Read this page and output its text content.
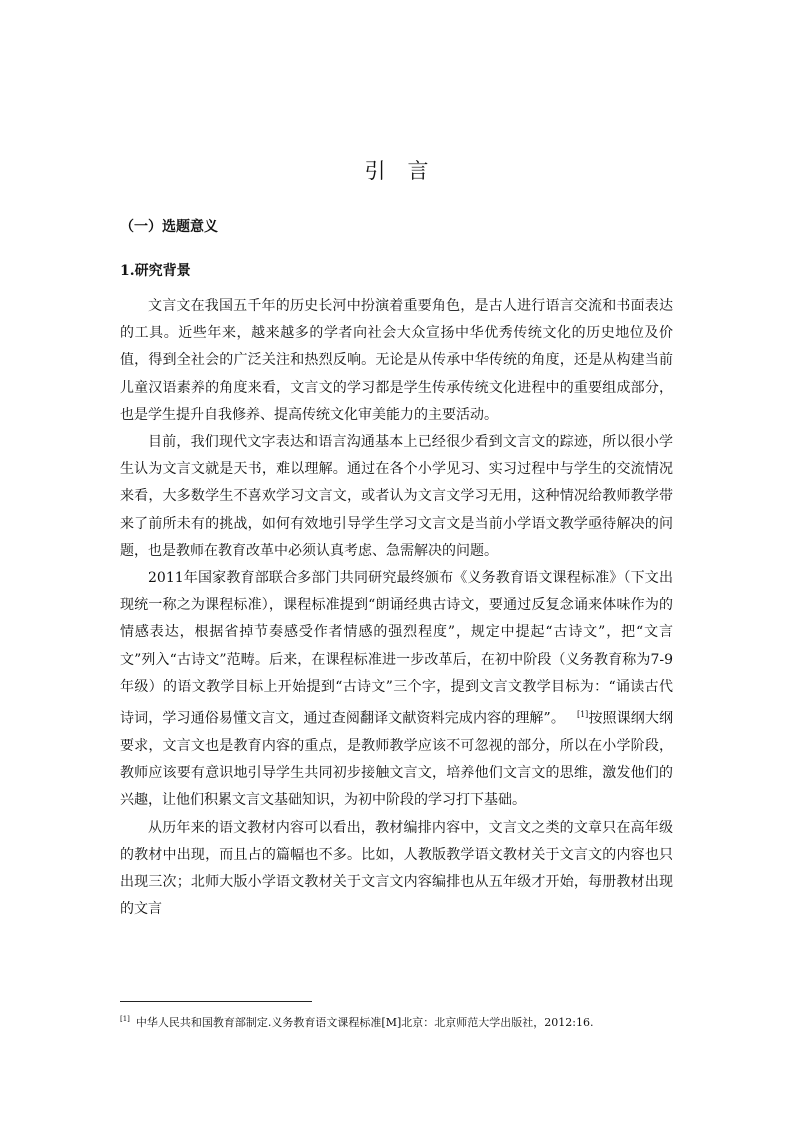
引言
（一）选题意义
1.研究背景

文言文在我国五千年的历史长河中扮演着重要角色，是古人进行语言交流和书面表达的工具。近些年来，越来越多的学者向社会大众宣扬中华优秀传统文化的历史地位及价值，得到全社会的广泛关注和热烈反响。无论是从传承中华传统的角度，还是从构建当前儿童汉语素养的角度来看，文言文的学习都是学生传承传统文化进程中的重要组成部分，也是学生提升自我修养、提高传统文化审美能力的主要活动。

目前，我们现代文字表达和语言沟通基本上已经很少看到文言文的踪迹，所以很小学生认为文言文就是天书，难以理解。通过在各个小学见习、实习过程中与学生的交流情况来看，大多数学生不喜欢学习文言文，或者认为文言文学习无用，这种情况给教师教学带来了前所未有的挑战，如何有效地引导学生学习文言文是当前小学语文教学亟待解决的问题，也是教师在教育改革中必须认真考虑、急需解决的问题。

2011年国家教育部联合多部门共同研究最终颁布《义务教育语文课程标准》（下文出现统一称之为课程标准），课程标准提到“朗诵经典古诗文，要通过反复念诵来体味作为的情感表达，根据省掉节奏感受作者情感的强烈程度”，规定中提起“古诗文”，把“文言文”列入“古诗文”范畴。后来，在课程标准进一步改革后，在初中阶段（义务教育称为7-9年级）的语文教学目标上开始提到“古诗文”三个字，提到文言文教学目标为：“诵读古代诗词，学习通俗易懂文言文，通过查阅翻译文献资料完成内容的理解”。 [1]按照课纲大纲要求，文言文也是教育内容的重点，是教师教学应该不可忽视的部分，所以在小学阶段，教师应该要有意识地引导学生共同初步接触文言文，培养他们文言文的思维，激发他们的兴趣，让他们积累文言文基础知识，为初中阶段的学习打下基础。

从历年来的语文教材内容可以看出，教材编排内容中，文言文之类的文章只在高年级的教材中出现，而且占的篇幅也不多。比如，人教版教学语文教材关于文言文的内容也只出现三次；北师大版小学语文教材关于文言文内容编排也从五年级才开始，每册教材出现的文言

[1] 中华人民共和国教育部制定.义务教育语文课程标准[M]北京：北京师范大学出版社，2012:16.
